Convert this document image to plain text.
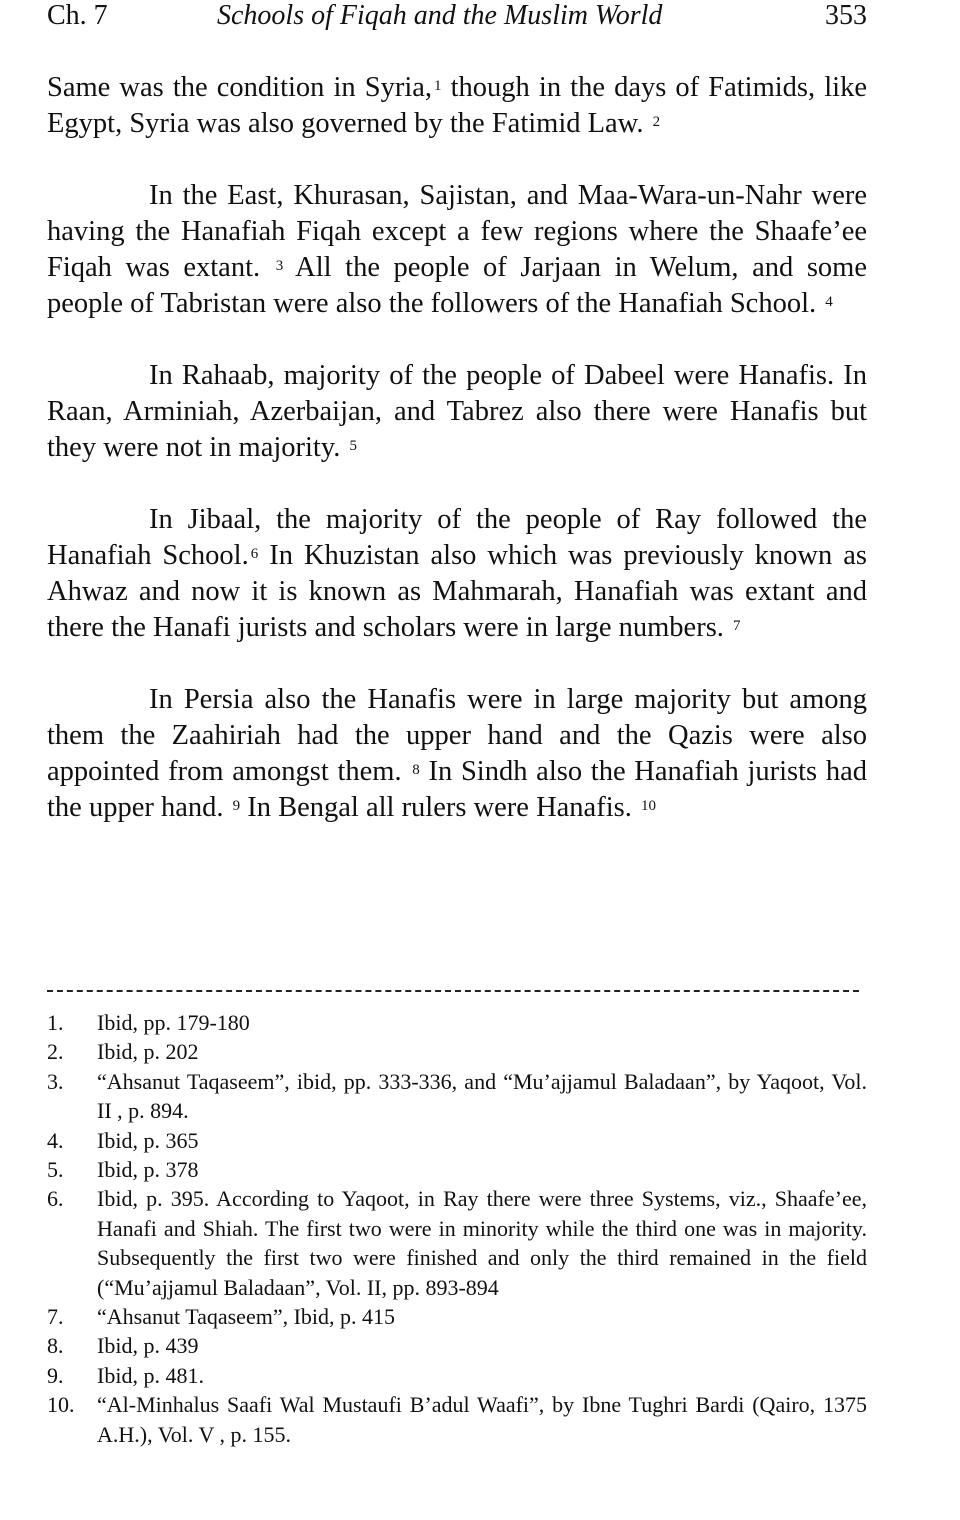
Ch. 7	Schools of Fiqah and the Muslim World	353

Same was the condition in Syria, $^1$ though in the days of Fatimids, like Egypt, Syria was also governed by the Fatimid Law. $^2$

In the East, Khurasan, Sajistan, and Maa-Wara-un-Nahr were having the Hanafiah Fiqah except a few regions where the Shaafe’ee Fiqah was extant. $^3$ All the people of Jarjaan in Welum, and some people of Tabristan were also the followers of the Hanafiah School. $^4$

In Rahaab, majority of the people of Dabeel were Hanafis. In Raan, Arminiah, Azerbaijan, and Tabrez also there were Hanafis but they were not in majority. $^5$

In Jibaal, the majority of the people of Ray followed the Hanafiah School. $^6$ In Khuzistan also which was previously known as Ahwaz and now it is known as Mahmarah, Hanafiah was extant and there the Hanafi jurists and scholars were in large numbers. $^7$

In Persia also the Hanafis were in large majority but among them the Zaahiriah had the upper hand and the Qazis were also appointed from amongst them. $^8$ In Sindh also the Hanafiah jurists had the upper hand. $^9$ In Bengal all rulers were Hanafis. $^{10}$

1.	Ibid, pp. 179-180
2.	Ibid, p. 202
3.	“Ahsanut Taqaseem”, ibid, pp. 333-336, and “Mu’ajjamul Baladaan”, by Yaqoot, Vol. II , p. 894.
4.	Ibid, p. 365
5.	Ibid, p. 378
6.	Ibid, p. 395. According to Yaqoot, in Ray there were three Systems, viz., Shaafe’ee, Hanafi and Shiah. The first two were in minority while the third one was in majority. Subsequently the first two were finished and only the third remained in the field (“Mu’ajjamul Baladaan”, Vol. II, pp. 893-894
7.	“Ahsanut Taqaseem”, Ibid, p. 415
8.	Ibid, p. 439
9.	Ibid, p. 481.
10.	“Al-Minhalus Saafi Wal Mustaufi B’adul Waafi”, by Ibne Tughri Bardi (Qairo, 1375 A.H.), Vol. V , p. 155.
